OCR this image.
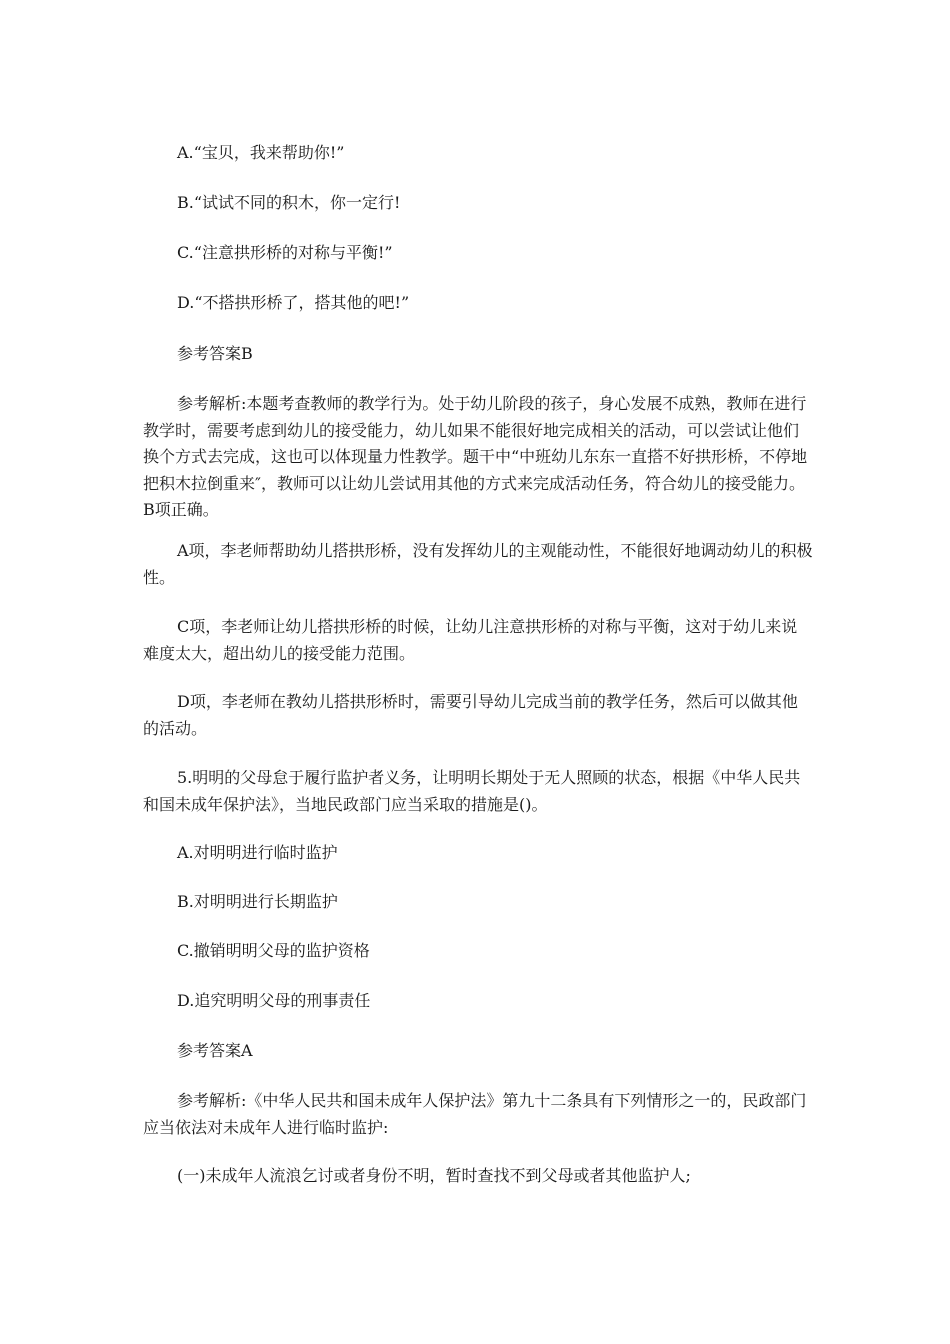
A.“宝贝，我来帮助你!”
B.“试试不同的积木，你一定行!
C.“注意拱形桥的对称与平衡!”
D.“不搭拱形桥了，搭其他的吧!”
参考答案B
参考解析:本题考查教师的教学行为。处于幼儿阶段的孩子，身心发展不成熟，教师在进行教学时，需要考虑到幼儿的接受能力，幼儿如果不能很好地完成相关的活动，可以尝试让他们换个方式去完成，这也可以体现量力性教学。题干中“中班幼儿东东一直搭不好拱形桥，不停地把积木拉倒重来″，教师可以让幼儿尝试用其他的方式来完成活动任务，符合幼儿的接受能力。B项正确。
A项，李老师帮助幼儿搭拱形桥，没有发挥幼儿的主观能动性，不能很好地调动幼儿的积极性。
C项，李老师让幼儿搭拱形桥的时候，让幼儿注意拱形桥的对称与平衡，这对于幼儿来说难度太大，超出幼儿的接受能力范围。
D项，李老师在教幼儿搭拱形桥时，需要引导幼儿完成当前的教学任务，然后可以做其他的活动。
5.明明的父母怠于履行监护者义务，让明明长期处于无人照顾的状态，根据《中华人民共和国未成年保护法》，当地民政部门应当采取的措施是()。
A.对明明进行临时监护
B.对明明进行长期监护
C.撤销明明父母的监护资格
D.追究明明父母的刑事责任
参考答案A
参考解析:《中华人民共和国未成年人保护法》第九十二条具有下列情形之一的，民政部门应当依法对未成年人进行临时监护:
(一)未成年人流浪乞讨或者身份不明，暂时查找不到父母或者其他监护人;
